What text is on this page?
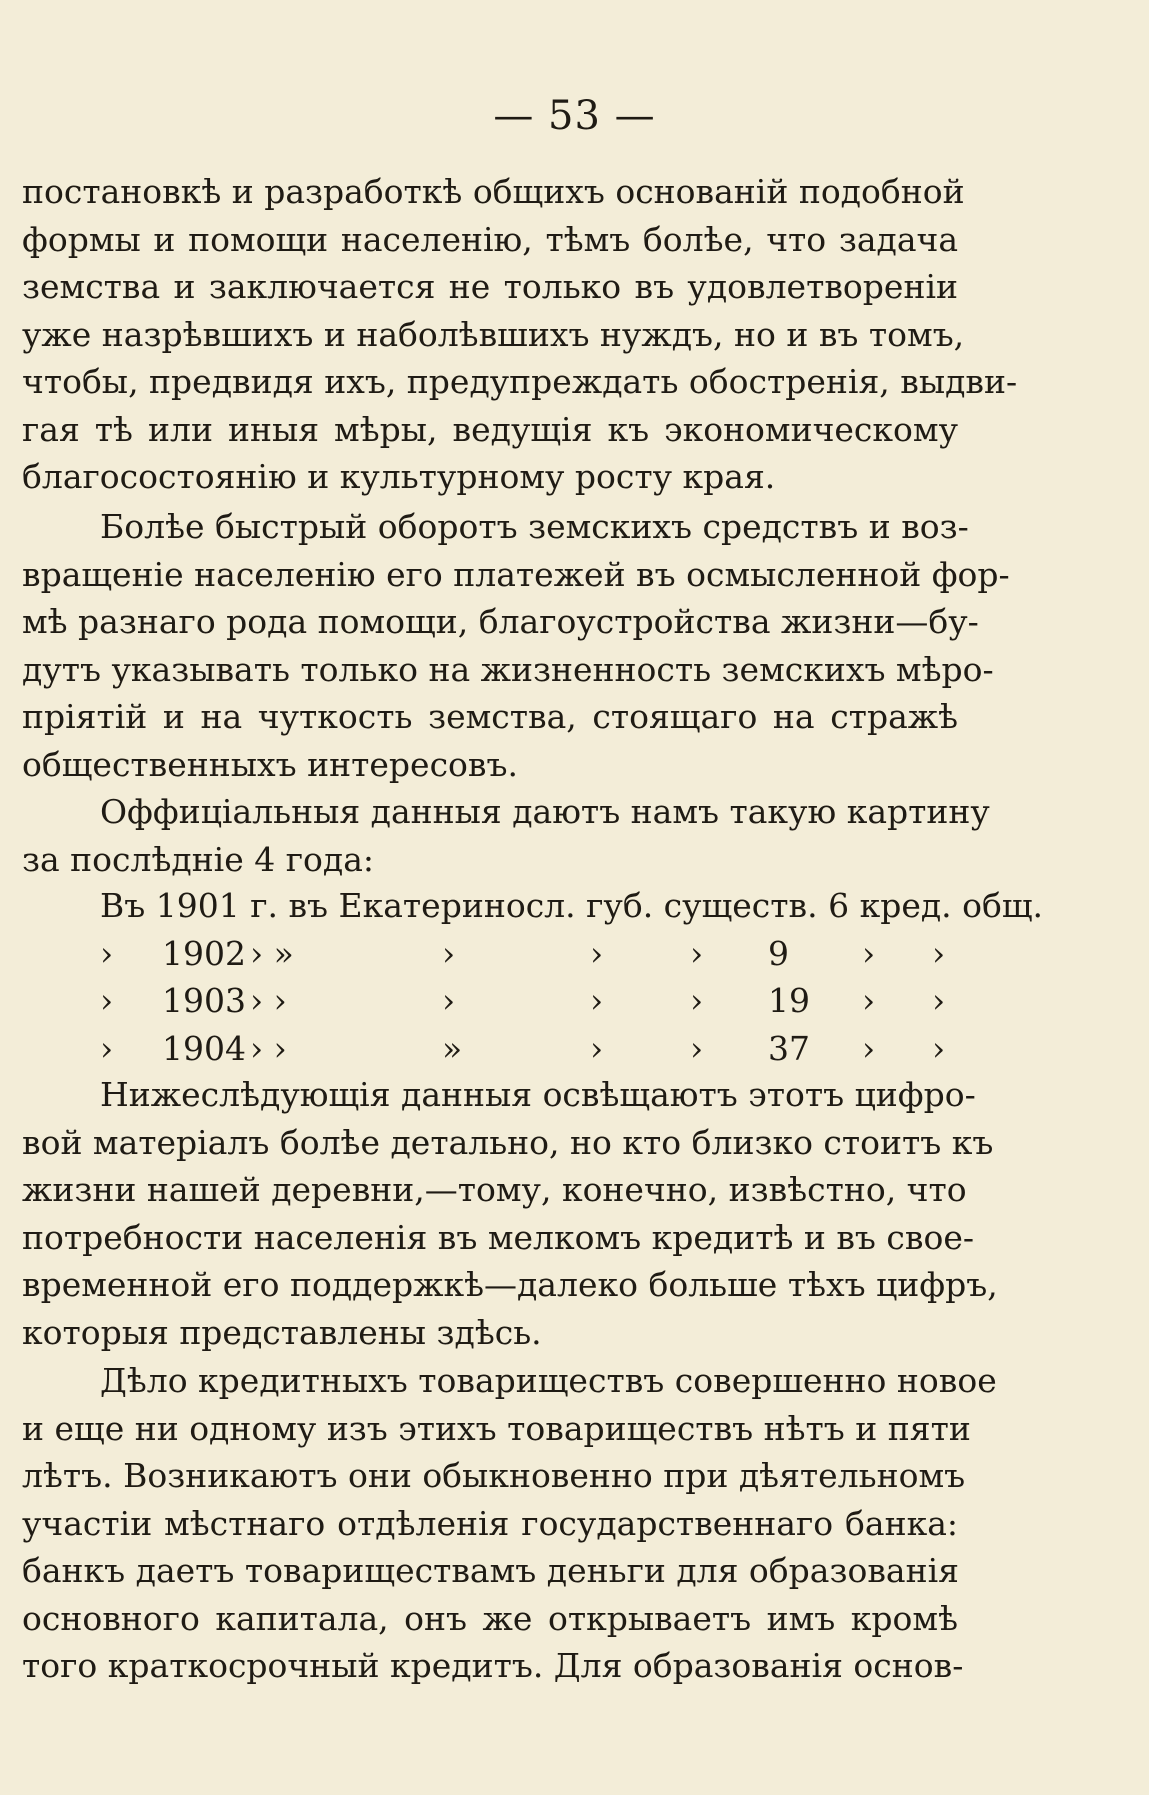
— 53 —
постановкѣ и разработкѣ общихъ основаній подобной
формы и помощи населенію, тѣмъ болѣе, что задача
земства и заключается не только въ удовлетвореніи
уже назрѣвшихъ и наболѣвшихъ нуждъ, но и въ томъ,
чтобы, предвидя ихъ, предупреждать обостренія, выдви-
гая тѣ или иныя мѣры, ведущія къ экономическому
благосостоянію и культурному росту края.
Болѣе быстрый оборотъ земскихъ средствъ и воз-
вращеніе населенію его платежей въ осмысленной фор-
мѣ разнаго рода помощи, благоустройства жизни—бу-
дутъ указывать только на жизненность земскихъ мѣро-
пріятій и на чуткость земства, стоящаго на стражѣ
общественныхъ интересовъ.
Оффиціальныя данныя даютъ намъ такую картину
за послѣдніе 4 года:
Въ 1901 г. въ Екатериносл. губ. существ. 6 кред. общ.
› 1902 › »	›	›	› 9 › ›
› 1903 › ›	›	›	› 19 › ›
› 1904 › ›	»	›	› 37 › ›
Нижеслѣдующія данныя освѣщаютъ этотъ цифро-
вой матеріалъ болѣе детально, но кто близко стоитъ къ
жизни нашей деревни,—тому, конечно, извѣстно, что
потребности населенія въ мелкомъ кредитѣ и въ свое-
временной его поддержкѣ—далеко больше тѣхъ цифръ,
которыя представлены здѣсь.
Дѣло кредитныхъ товариществъ совершенно новое
и еще ни одному изъ этихъ товариществъ нѣтъ и пяти
лѣтъ. Возникаютъ они обыкновенно при дѣятельномъ
участіи мѣстнаго отдѣленія государственнаго банка:
банкъ даетъ товариществамъ деньги для образованія
основного капитала, онъ же открываетъ имъ кромѣ
того краткосрочный кредитъ. Для образованія основ-
